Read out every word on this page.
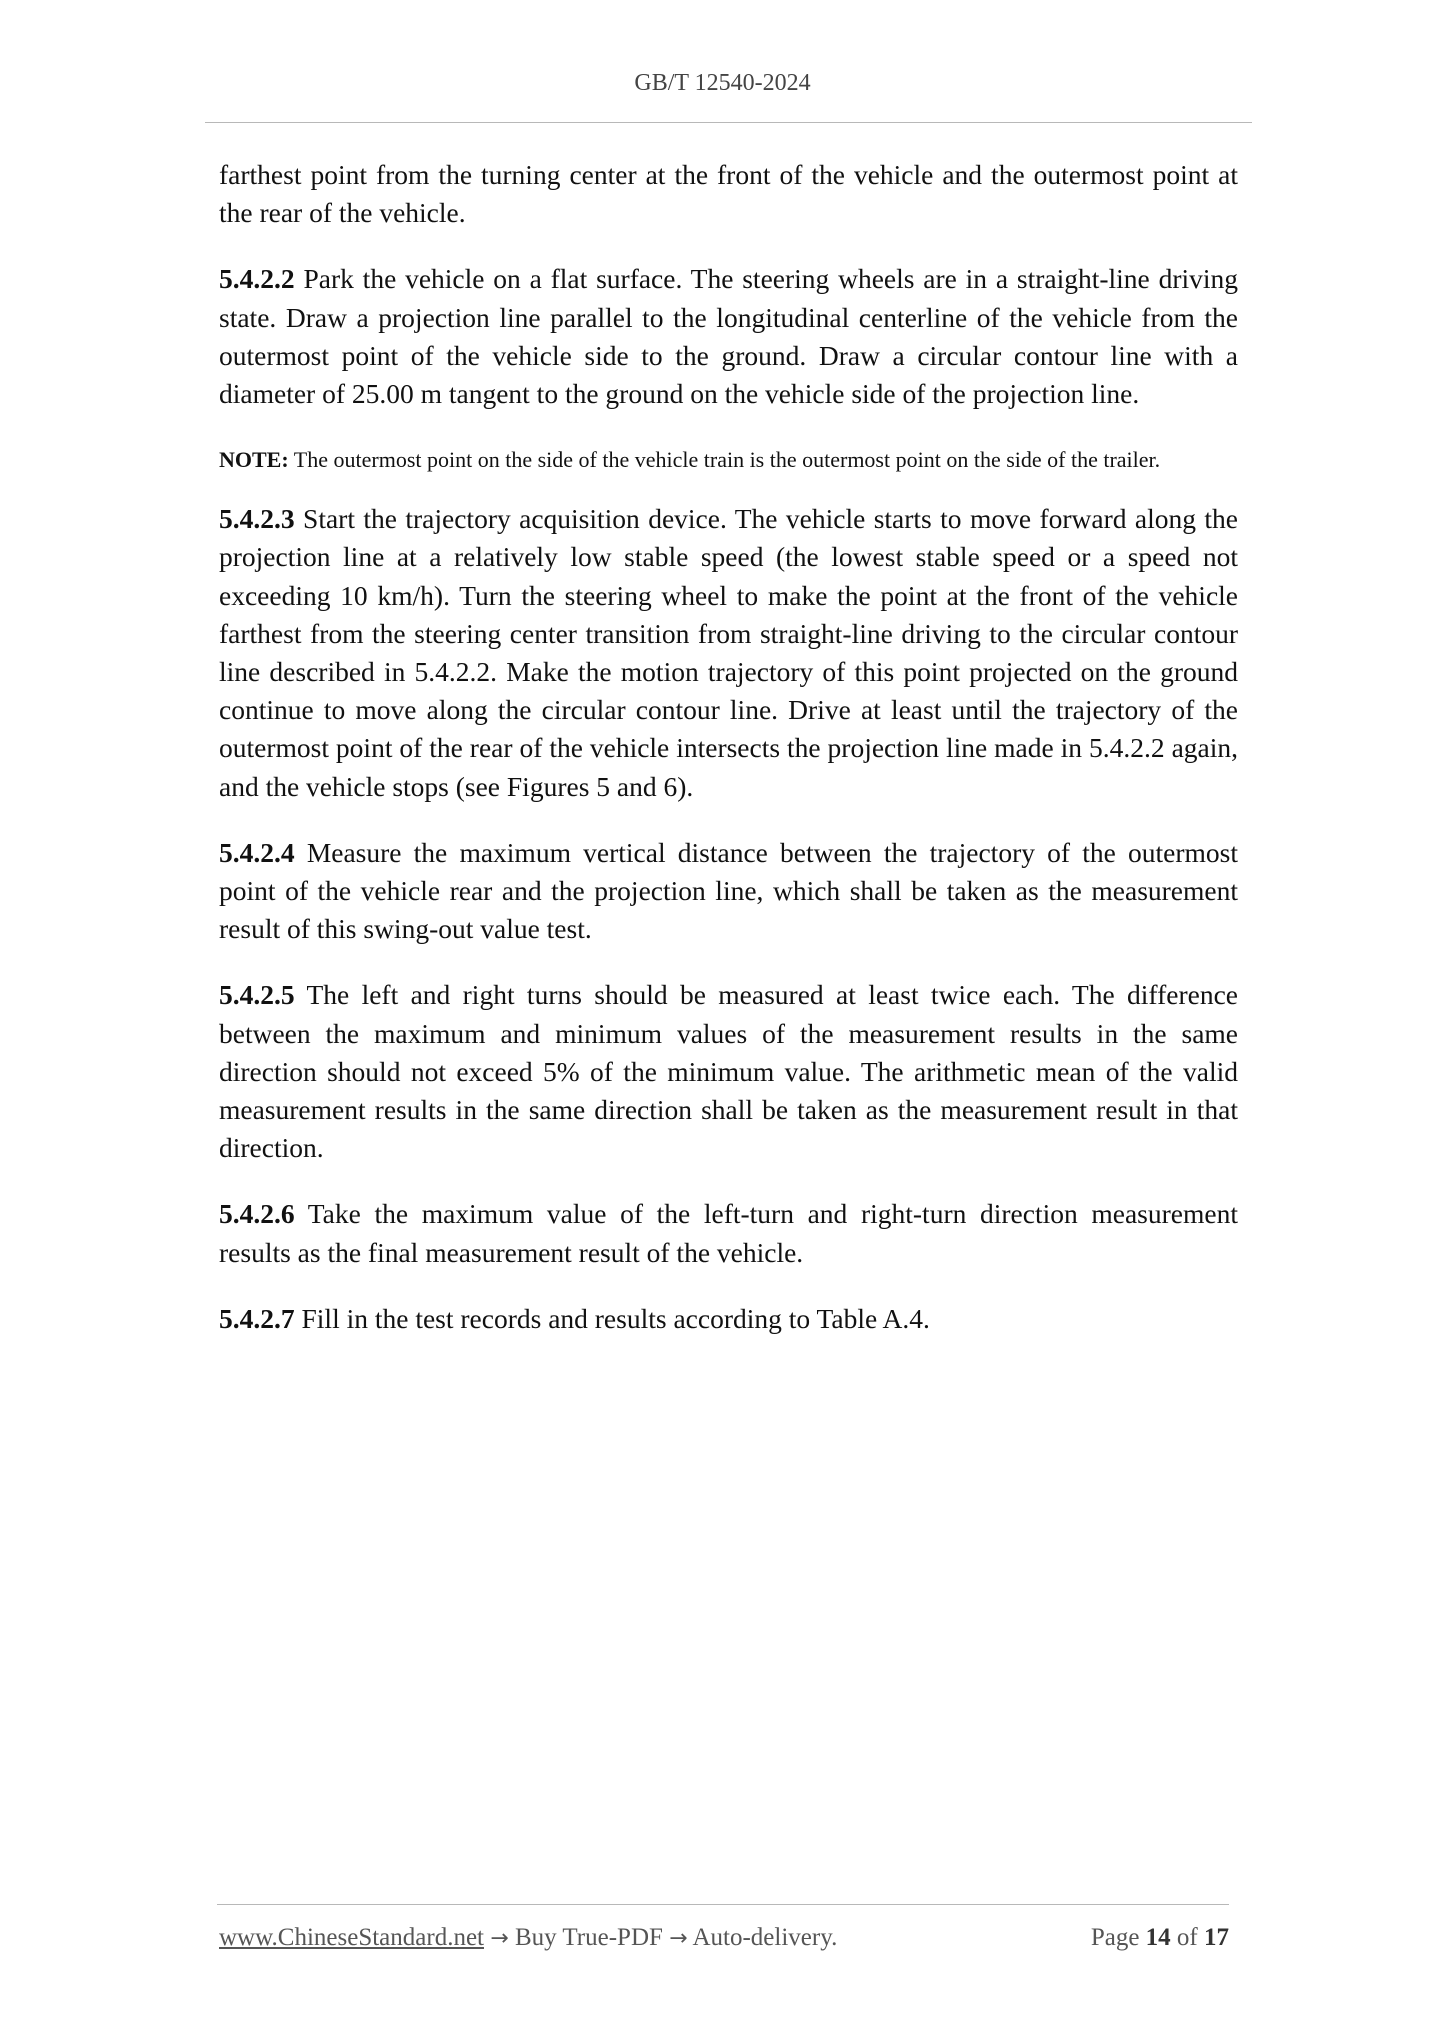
GB/T 12540-2024

farthest point from the turning center at the front of the vehicle and the outermost point at the rear of the vehicle.

5.4.2.2 Park the vehicle on a flat surface. The steering wheels are in a straight-line driving state. Draw a projection line parallel to the longitudinal centerline of the vehicle from the outermost point of the vehicle side to the ground. Draw a circular contour line with a diameter of 25.00 m tangent to the ground on the vehicle side of the projection line.

NOTE: The outermost point on the side of the vehicle train is the outermost point on the side of the trailer.

5.4.2.3 Start the trajectory acquisition device. The vehicle starts to move forward along the projection line at a relatively low stable speed (the lowest stable speed or a speed not exceeding 10 km/h). Turn the steering wheel to make the point at the front of the vehicle farthest from the steering center transition from straight-line driving to the circular contour line described in 5.4.2.2. Make the motion trajectory of this point projected on the ground continue to move along the circular contour line. Drive at least until the trajectory of the outermost point of the rear of the vehicle intersects the projection line made in 5.4.2.2 again, and the vehicle stops (see Figures 5 and 6).

5.4.2.4 Measure the maximum vertical distance between the trajectory of the outermost point of the vehicle rear and the projection line, which shall be taken as the measurement result of this swing-out value test.

5.4.2.5 The left and right turns should be measured at least twice each. The difference between the maximum and minimum values of the measurement results in the same direction should not exceed 5% of the minimum value. The arithmetic mean of the valid measurement results in the same direction shall be taken as the measurement result in that direction.

5.4.2.6 Take the maximum value of the left-turn and right-turn direction measurement results as the final measurement result of the vehicle.

5.4.2.7 Fill in the test records and results according to Table A.4.

www.ChineseStandard.net → Buy True-PDF → Auto-delivery.	Page 14 of 17
